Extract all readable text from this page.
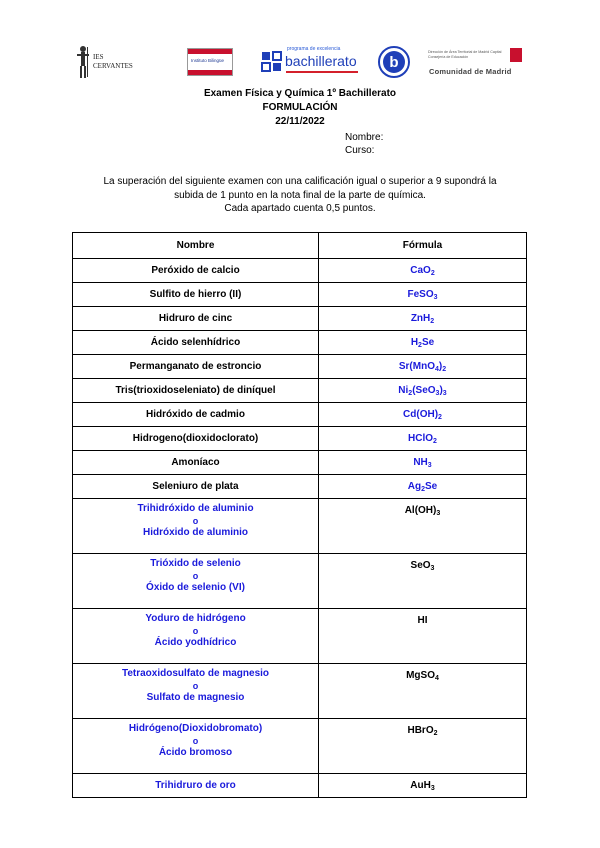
IES
CERVANTES
Instituto Bilingüe
programa de excelencia
bachillerato b
Dirección de Área Territorial de Madrid Capital Consejería de Educación
Comunidad de Madrid
Examen Física y Química 1º Bachillerato
FORMULACIÓN
22/11/2022
Nombre:
Curso:
La superación del siguiente examen con una calificación igual o superior a 9 supondrá la
subida de 1 punto en la nota final de la parte de química.
Cada apartado cuenta 0,5 puntos.
Nombre	Fórmula
Peróxido de calcio	CaO$_2$
Sulfito de hierro (II)	FeSO$_3$
Hidruro de cinc	ZnH$_2$
Ácido selenhídrico	$H_2Se$
Permanganato de estroncio	$Sr(MnO_4)_2$
Tris(trioxidoseleniato) de diníquel	$Ni_2(SeO_3)_3$
Hidróxido de cadmio	$Cd(OH)_2$
Hidrogeno(dioxidoclorato)	HClO$_2$
Amoníaco	$NH_3$
Seleniuro de plata	$Ag_2Se$

Trihidróxido de aluminio
o
Hidróxido de aluminio	$Al(OH)_3$

Trióxido de selenio
o
Óxido de selenio (VI)	SeO$_3$

Yoduro de hidrógeno
o
Ácido yodhídrico	HI

Tetraoxidosulfato de magnesio
o
Sulfato de magnesio	MgSO$_4$

Hidrógeno(Dioxidobromato)
o
Ácido bromoso	HBrO$_2$
Trihidruro de oro	AuH$_3$
